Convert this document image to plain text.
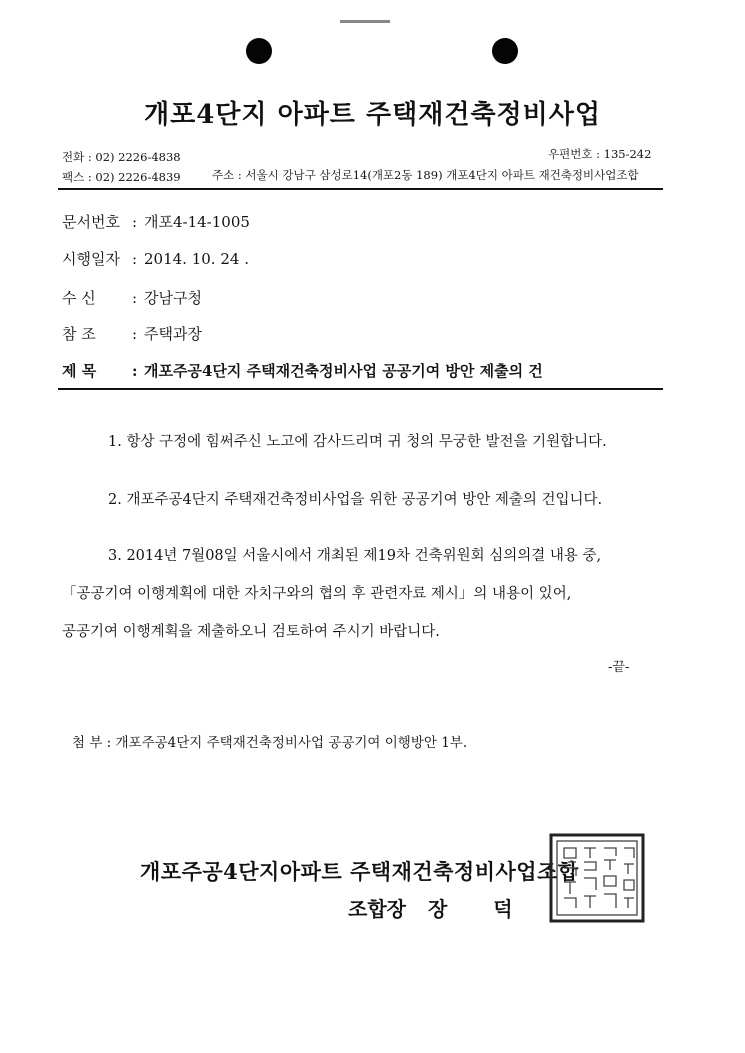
개포4단지 아파트 주택재건축정비사업
전화 : 02) 2226-4838	우편번호 : 135-242
팩스 : 02) 2226-4839	주소 : 서울시 강남구 삼성로14(개포2동 189) 개포4단지 아파트 재건축정비사업조합
문서번호 : 개포4-14-1005
시행일자 : 2014. 10. 24 .
수 신 : 강남구청
참 조 : 주택과장
제 목 : 개포주공4단지 주택재건축정비사업 공공기여 방안 제출의 건
1. 항상 구정에 힘써주신 노고에 감사드리며 귀 청의 무궁한 발전을 기원합니다.
2. 개포주공4단지 주택재건축정비사업을 위한 공공기여 방안 제출의 건입니다.
3. 2014년 7월08일 서울시에서 개최된 제19차 건축위원회 심의의결 내용 중,
「공공기여 이행계획에 대한 자치구와의 협의 후 관련자료 제시」의 내용이 있어,
공공기여 이행계획을 제출하오니 검토하여 주시기 바랍니다.
-끝-
첨 부 : 개포주공4단지 주택재건축정비사업 공공기여 이행방안 1부.
개포주공4단지아파트 주택재건축정비사업조합
조합장 장 덕
